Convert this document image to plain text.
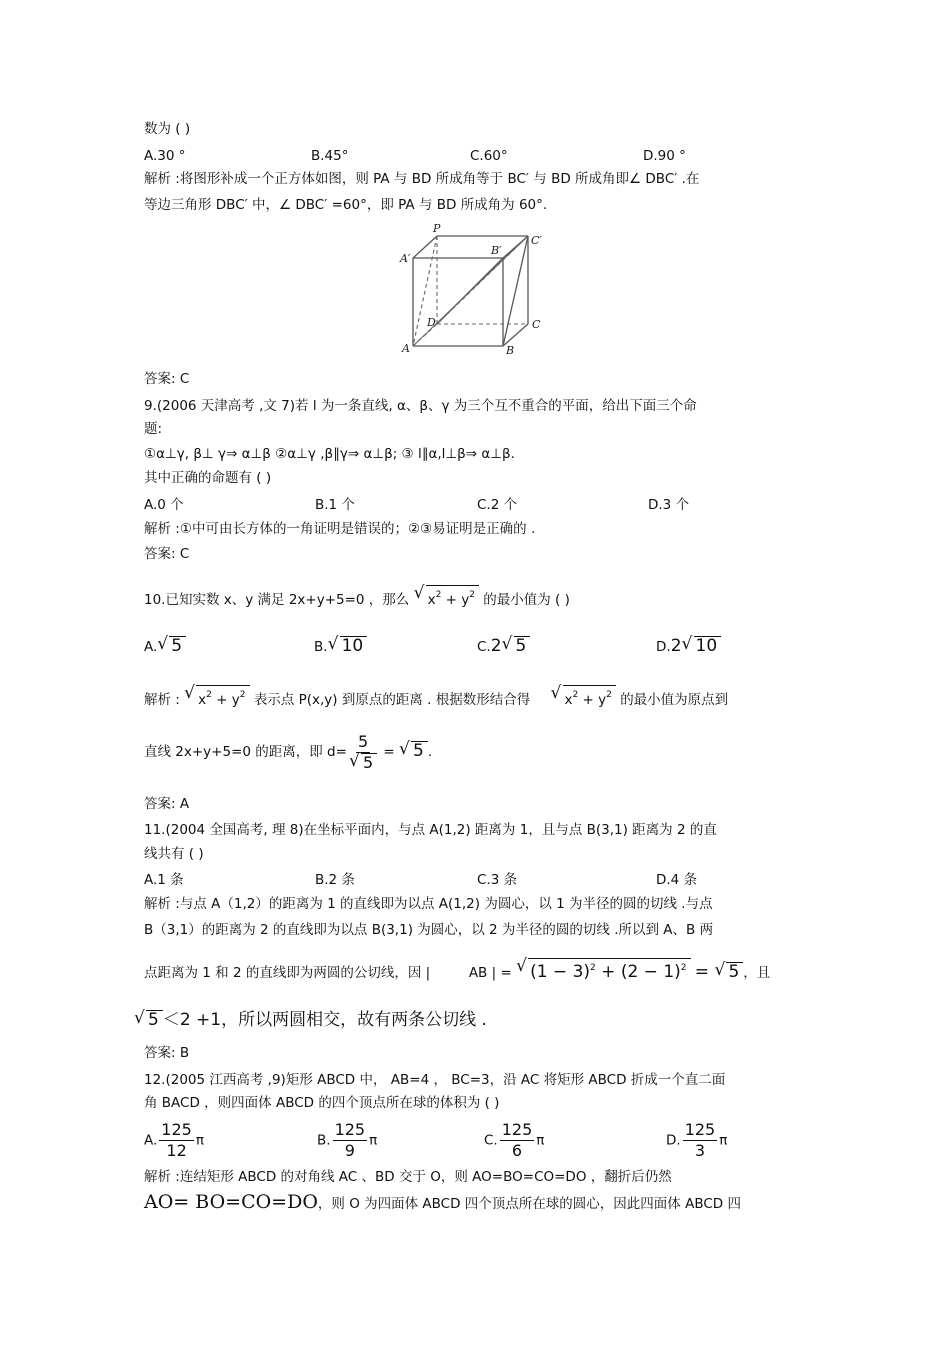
数为 ( )
A.30 °	B.45°	C.60°	D.90 °
解析 :将图形补成一个正方体如图，则 PA 与 BD 所成角等于 BC′ 与 BD 所成角即∠ DBC′ .在
等边三角形 DBC′ 中，∠ DBC′ =60°，即 PA 与 BD 所成角为 60°.
P
B′
C′
A′
D	C
A	B
答案: C
9.(2006 天津高考 ,文 7)若 l 为一条直线, α、β、γ 为三个互不重合的平面，给出下面三个命
题:
①α⊥γ, β⊥ γ⇒ α⊥β ②α⊥γ ,β∥γ⇒ α⊥β; ③ l∥α,l⊥β⇒ α⊥β.
其中正确的命题有 ( )
A.0 个	B.1 个	C.2 个	D.3 个
解析 :①中可由长方体的一角证明是错误的；②③易证明是正确的 .
答案: C
10.已知实数 x、y 满足 2x+y+5=0 ，那么 √ $x^2 + y^2$ 的最小值为 ( )
A. √ 5	B. √ 10	C.2 √ 5	D.2 √ 10
解析 : √ $x^2 + y^2$ 表示点 P(x,y) 到原点的距离 . 根据数形结合得	√ $x^2 + y^2$ 的最小值为原点到
直线 2x+y+5=0 的距离，即 d= 5
√ 5 = √ 5 .
答案: A
11.(2004 全国高考, 理 8)在坐标平面内，与点 A(1,2) 距离为 1，且与点 B(3,1) 距离为 2 的直
线共有 ( )
A.1 条	B.2 条	C.3 条	D.4 条
解析 :与点 A（1,2）的距离为 1 的直线即为以点 A(1,2) 为圆心，以 1 为半径的圆的切线 .与点
B（3,1）的距离为 2 的直线即为以点 B(3,1) 为圆心，以 2 为半径的圆的切线 .所以到 A、B 两
点距离为 1 和 2 的直线即为两圆的公切线，因 |	AB | = √ $(1 - 3)^2 + (2 - 1)^2$ = √ 5 ，且
√ 5 ＜2 +1，所以两圆相交，故有两条公切线 .
答案: B
12.(2005 江西高考 ,9)矩形 ABCD 中， AB=4 ， BC=3，沿 AC 将矩形 ABCD 折成一个直二面
角 BACD ，则四面体 ABCD 的四个顶点所在球的体积为 ( )
A. $\frac{125}{12}$ π	B. $\frac{125}{9}$ π	C. $\frac{125}{6}$ π	D. $\frac{125}{3}$ π
解析 :连结矩形 ABCD 的对角线 AC 、BD 交于 O，则 AO=BO=CO=DO ，翻折后仍然
AO= BO=CO=DO，则 O 为四面体 ABCD 四个顶点所在球的圆心，因此四面体 ABCD 四
